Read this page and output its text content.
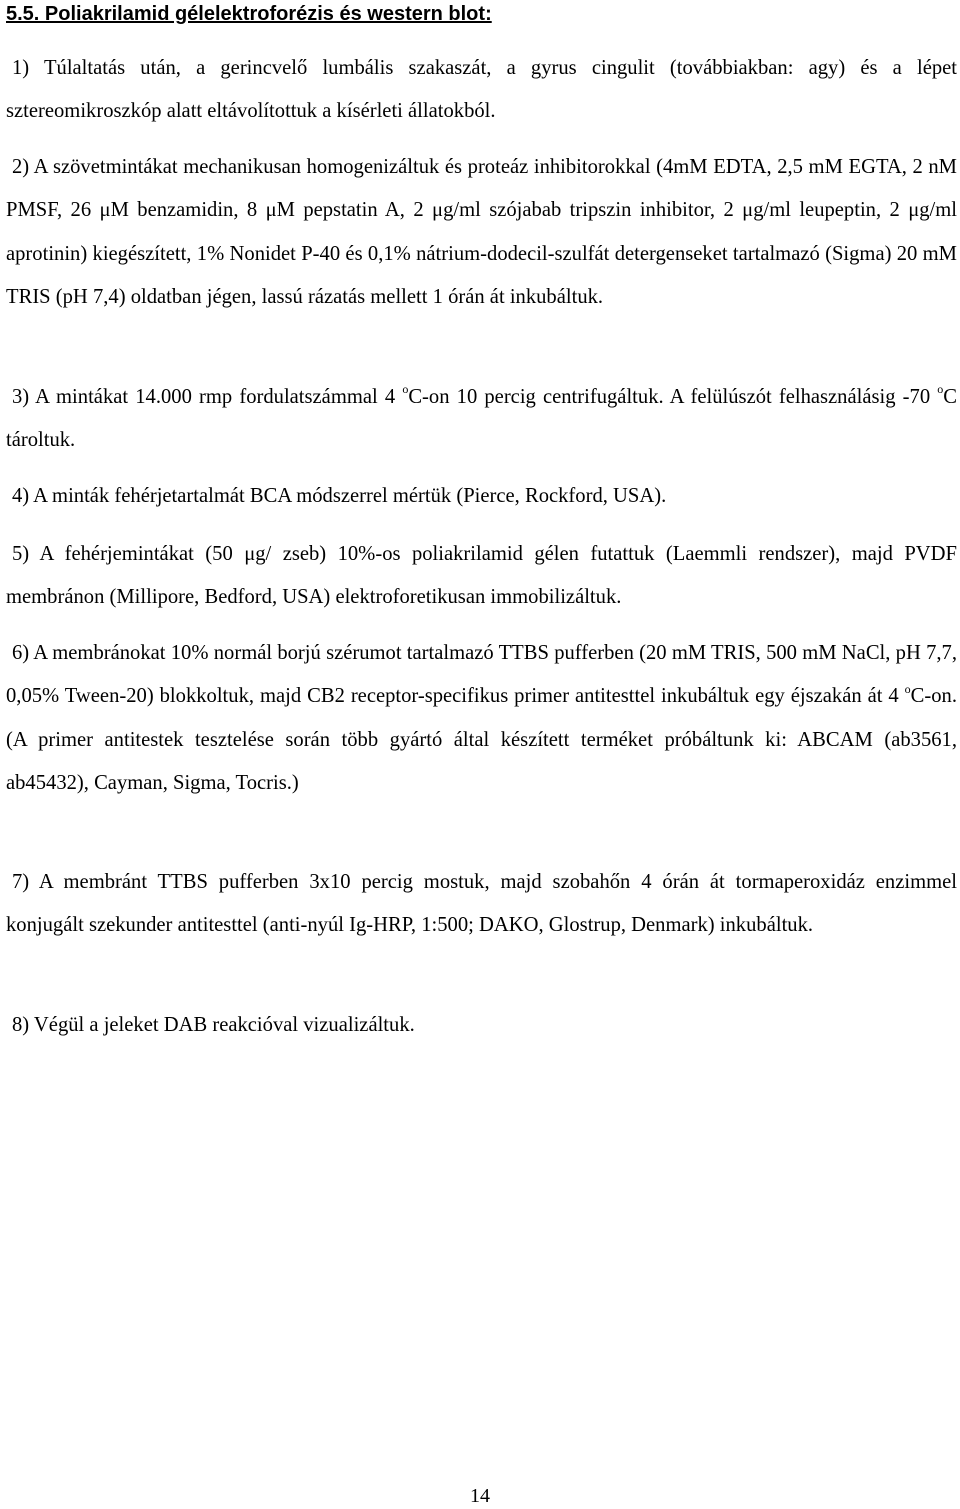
5.5. Poliakrilamid gélelektroforézis és western blot:

1) Túlaltatás után, a gerincvelő lumbális szakaszát, a gyrus cingulit (továbbiakban: agy) és a lépet sztereomikroszkóp alatt eltávolítottuk a kísérleti állatokból.

2) A szövetmintákat mechanikusan homogenizáltuk és proteáz inhibitorokkal (4mM EDTA, 2,5 mM EGTA, 2 nM PMSF, 26 μM benzamidin, 8 μM pepstatin A, 2 μg/ml szójabab tripszin inhibitor, 2 μg/ml leupeptin, 2 μg/ml aprotinin) kiegészített, 1% Nonidet P-40 és 0,1% nátrium-dodecil-szulfát detergenseket tartalmazó (Sigma) 20 mM TRIS (pH 7,4) oldatban jégen, lassú rázatás mellett 1 órán át inkubáltuk.

3) A mintákat 14.000 rmp fordulatszámmal 4 $^o$C-on 10 percig centrifugáltuk. A felülúszót felhasználásig -70 $^o$C tároltuk.

4) A minták fehérjetartalmát BCA módszerrel mértük (Pierce, Rockford, USA).

5) A fehérjemintákat (50 μg/ zseb) 10%-os poliakrilamid gélen futattuk (Laemmli rendszer), majd PVDF membránon (Millipore, Bedford, USA) elektroforetikusan immobilizáltuk.

6) A membránokat 10% normál borjú szérumot tartalmazó TTBS pufferben (20 mM TRIS, 500 mM NaCl, pH 7,7, 0,05% Tween-20) blokkoltuk, majd CB2 receptor-specifikus primer antitesttel inkubáltuk egy éjszakán át 4 $^o$C-on. (A primer antitestek tesztelése során több gyártó által készített terméket próbáltunk ki: ABCAM (ab3561, ab45432), Cayman, Sigma, Tocris.)

7) A membránt TTBS pufferben 3x10 percig mostuk, majd szobahőn 4 órán át tormaperoxidáz enzimmel konjugált szekunder antitesttel (anti-nyúl Ig-HRP, 1:500; DAKO, Glostrup, Denmark) inkubáltuk.

8) Végül a jeleket DAB reakcióval vizualizáltuk.

14
